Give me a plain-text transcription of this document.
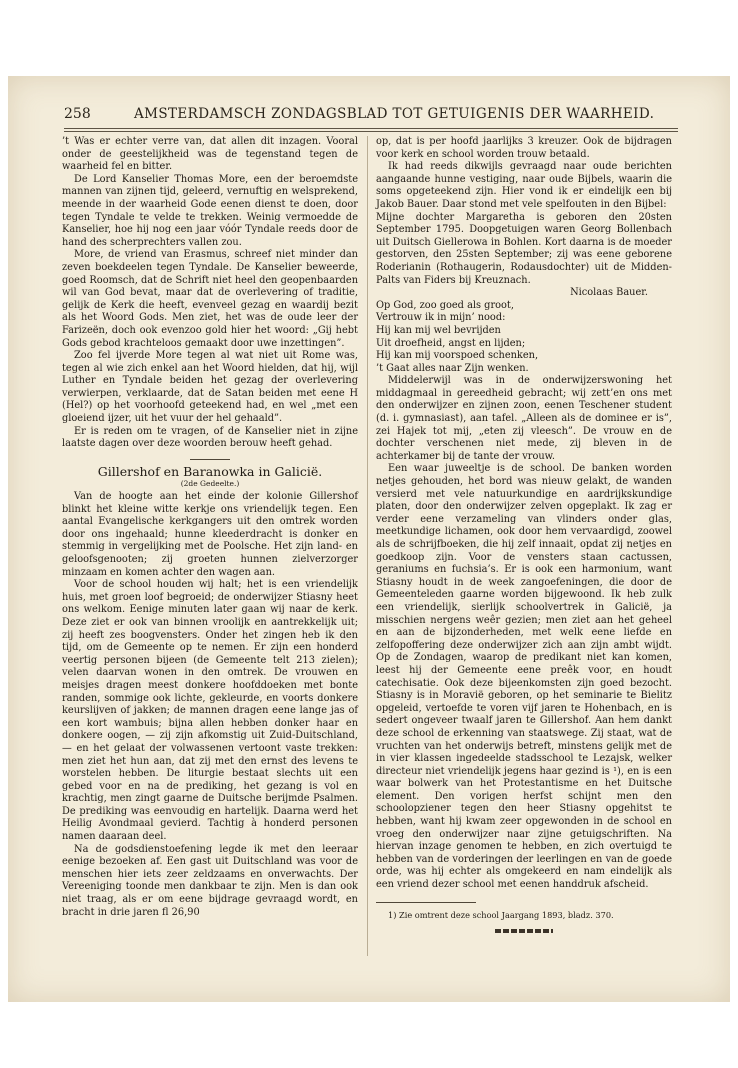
258	AMSTERDAMSCH ZONDAGSBLAD TOT GETUIGENIS DER WAARHEID.

’t Was er echter verre van, dat allen dit inzagen. Vooral onder de geestelijkheid was de tegenstand tegen de waarheid fel en bitter.

De Lord Kanselier Thomas More, een der beroemdste mannen van zijnen tijd, geleerd, vernuftig en welsprekend, meende in der waarheid Gode eenen dienst te doen, door tegen Tyndale te velde te trekken. Weinig vermoedde de Kanselier, hoe hij nog een jaar vóór Tyndale reeds door de hand des scherprechters vallen zou.

More, de vriend van Erasmus, schreef niet minder dan zeven boekdeelen tegen Tyndale. De Kanselier beweerde, goed Roomsch, dat de Schrift niet heel den geopenbaarden wil van God bevat, maar dat de overlevering of traditie, gelijk de Kerk die heeft, evenveel gezag en waardij bezit als het Woord Gods. Men ziet, het was de oude leer der Farizeën, doch ook evenzoo gold hier het woord: „Gij hebt Gods gebod krachteloos gemaakt door uwe inzettingen”.

Zoo fel ijverde More tegen al wat niet uit Rome was, tegen al wie zich enkel aan het Woord hielden, dat hij, wijl Luther en Tyndale beiden het gezag der overlevering verwierpen, verklaarde, dat de Satan beiden met eene H (Hel?) op het voorhoofd geteekend had, en wel „met een gloeiend ijzer, uit het vuur der hel gehaald”.

Er is reden om te vragen, of de Kanselier niet in zijne laatste dagen over deze woorden berouw heeft gehad.

Gillershof en Baranowka in Galicië.

(2de Gedeelte.)

Van de hoogte aan het einde der kolonie Gillershof blinkt het kleine witte kerkje ons vriendelijk tegen. Een aantal Evangelische kerkgangers uit den omtrek worden door ons ingehaald; hunne kleederdracht is donker en stemmig in vergelijking met de Poolsche. Het zijn land- en geloofsgenooten; zij groeten hunnen zielverzorger minzaam en komen achter den wagen aan.

Voor de school houden wij halt; het is een vriendelijk huis, met groen loof begroeid; de onderwijzer Stiasny heet ons welkom. Eenige minuten later gaan wij naar de kerk. Deze ziet er ook van binnen vroolijk en aantrekkelijk uit; zij heeft zes boogvensters. Onder het zingen heb ik den tijd, om de Gemeente op te nemen. Er zijn een honderd veertig personen bijeen (de Gemeente telt 213 zielen); velen daarvan wonen in den omtrek. De vrouwen en meisjes dragen meest donkere hoofddoeken met bonte randen, sommige ook lichte, gekleurde, en voorts donkere keurslijven of jakken; de mannen dragen eene lange jas of een kort wambuis; bijna allen hebben donker haar en donkere oogen, — zij zijn afkomstig uit Zuid-Duitschland, — en het gelaat der volwassenen vertoont vaste trekken: men ziet het hun aan, dat zij met den ernst des levens te worstelen hebben. De liturgie bestaat slechts uit een gebed voor en na de prediking, het gezang is vol en krachtig, men zingt gaarne de Duitsche berijmde Psalmen. De prediking was eenvoudig en hartelijk. Daarna werd het Heilig Avondmaal gevierd. Tachtig à honderd personen namen daaraan deel.

Na de godsdienstoefening legde ik met den leeraar eenige bezoeken af. Een gast uit Duitschland was voor de menschen hier iets zeer zeldzaams en onverwachts. Der Vereeniging toonde men dankbaar te zijn. Men is dan ook niet traag, als er om eene bijdrage gevraagd wordt, en bracht in drie jaren fl 26,90

op, dat is per hoofd jaarlijks 3 kreuzer. Ook de bijdragen voor kerk en school worden trouw betaald.

Ik had reeds dikwijls gevraagd naar oude berichten aangaande hunne vestiging, naar oude Bijbels, waarin die soms opgeteekend zijn. Hier vond ik er eindelijk een bij Jakob Bauer. Daar stond met vele spelfouten in den Bijbel:

Mijne dochter Margaretha is geboren den 20sten September 1795. Doopgetuigen waren Georg Bollenbach uit Duitsch Giellerowa in Bohlen. Kort daarna is de moeder gestorven, den 25sten September; zij was eene geborene Roderianin (Rothaugerin, Rodausdochter) uit de Midden-Palts van Fiders bij Kreuznach.

Nicolaas Bauer.

Op God, zoo goed als groot,

Vertrouw ik in mijn’ nood:

Hij kan mij wel bevrijden

Uit droefheid, angst en lijden;

Hij kan mij voorspoed schenken,

’t Gaat alles naar Zijn wenken.

Middelerwijl was in de onderwijzerswoning het middagmaal in gereedheid gebracht; wij zett’en ons met den onderwijzer en zijnen zoon, eenen Teschener student (d. i. gymnasiast), aan tafel. „Alleen als de dominee er is”, zei Hajek tot mij, „eten zij vleesch”. De vrouw en de dochter verschenen niet mede, zij bleven in de achterkamer bij de tante der vrouw.

Een waar juweeltje is de school. De banken worden netjes gehouden, het bord was nieuw gelakt, de wanden versierd met vele natuurkundige en aardrijkskundige platen, door den onderwijzer zelven opgeplakt. Ik zag er verder eene verzameling van vlinders onder glas, meetkundige lichamen, ook door hem vervaardigd, zoowel als de schrijfboeken, die hij zelf innaait, opdat zij netjes en goedkoop zijn. Voor de vensters staan cactussen, geraniums en fuchsia’s. Er is ook een harmonium, want Stiasny houdt in de week zangoefeningen, die door de Gemeenteleden gaarne worden bijgewoond. Ik heb zulk een vriendelijk, sierlijk schoolvertrek in Galicië, ja misschien nergens weêr gezien; men ziet aan het geheel en aan de bijzonderheden, met welk eene liefde en zelfopoffering deze onderwijzer zich aan zijn ambt wijdt. Op de Zondagen, waarop de predikant niet kan komen, leest hij der Gemeente eene preêk voor, en houdt catechisatie. Ook deze bijeenkomsten zijn goed bezocht. Stiasny is in Moravië geboren, op het seminarie te Bielitz opgeleid, vertoefde te voren vijf jaren te Hohenbach, en is sedert ongeveer twaalf jaren te Gillershof. Aan hem dankt deze school de erkenning van staatswege. Zij staat, wat de vruchten van het onderwijs betreft, minstens gelijk met de in vier klassen ingedeelde stadsschool te Lezajsk, welker directeur niet vriendelijk jegens haar gezind is ¹), en is een waar bolwerk van het Protestantisme en het Duitsche element. Den vorigen herfst schijnt men den schoolopziener tegen den heer Stiasny opgehitst te hebben, want hij kwam zeer opgewonden in de school en vroeg den onderwijzer naar zijne getuigschriften. Na hiervan inzage genomen te hebben, en zich overtuigd te hebben van de vorderingen der leerlingen en van de goede orde, was hij echter als omgekeerd en nam eindelijk als een vriend dezer school met eenen handdruk afscheid.

1) Zie omtrent deze school Jaargang 1893, bladz. 370.
